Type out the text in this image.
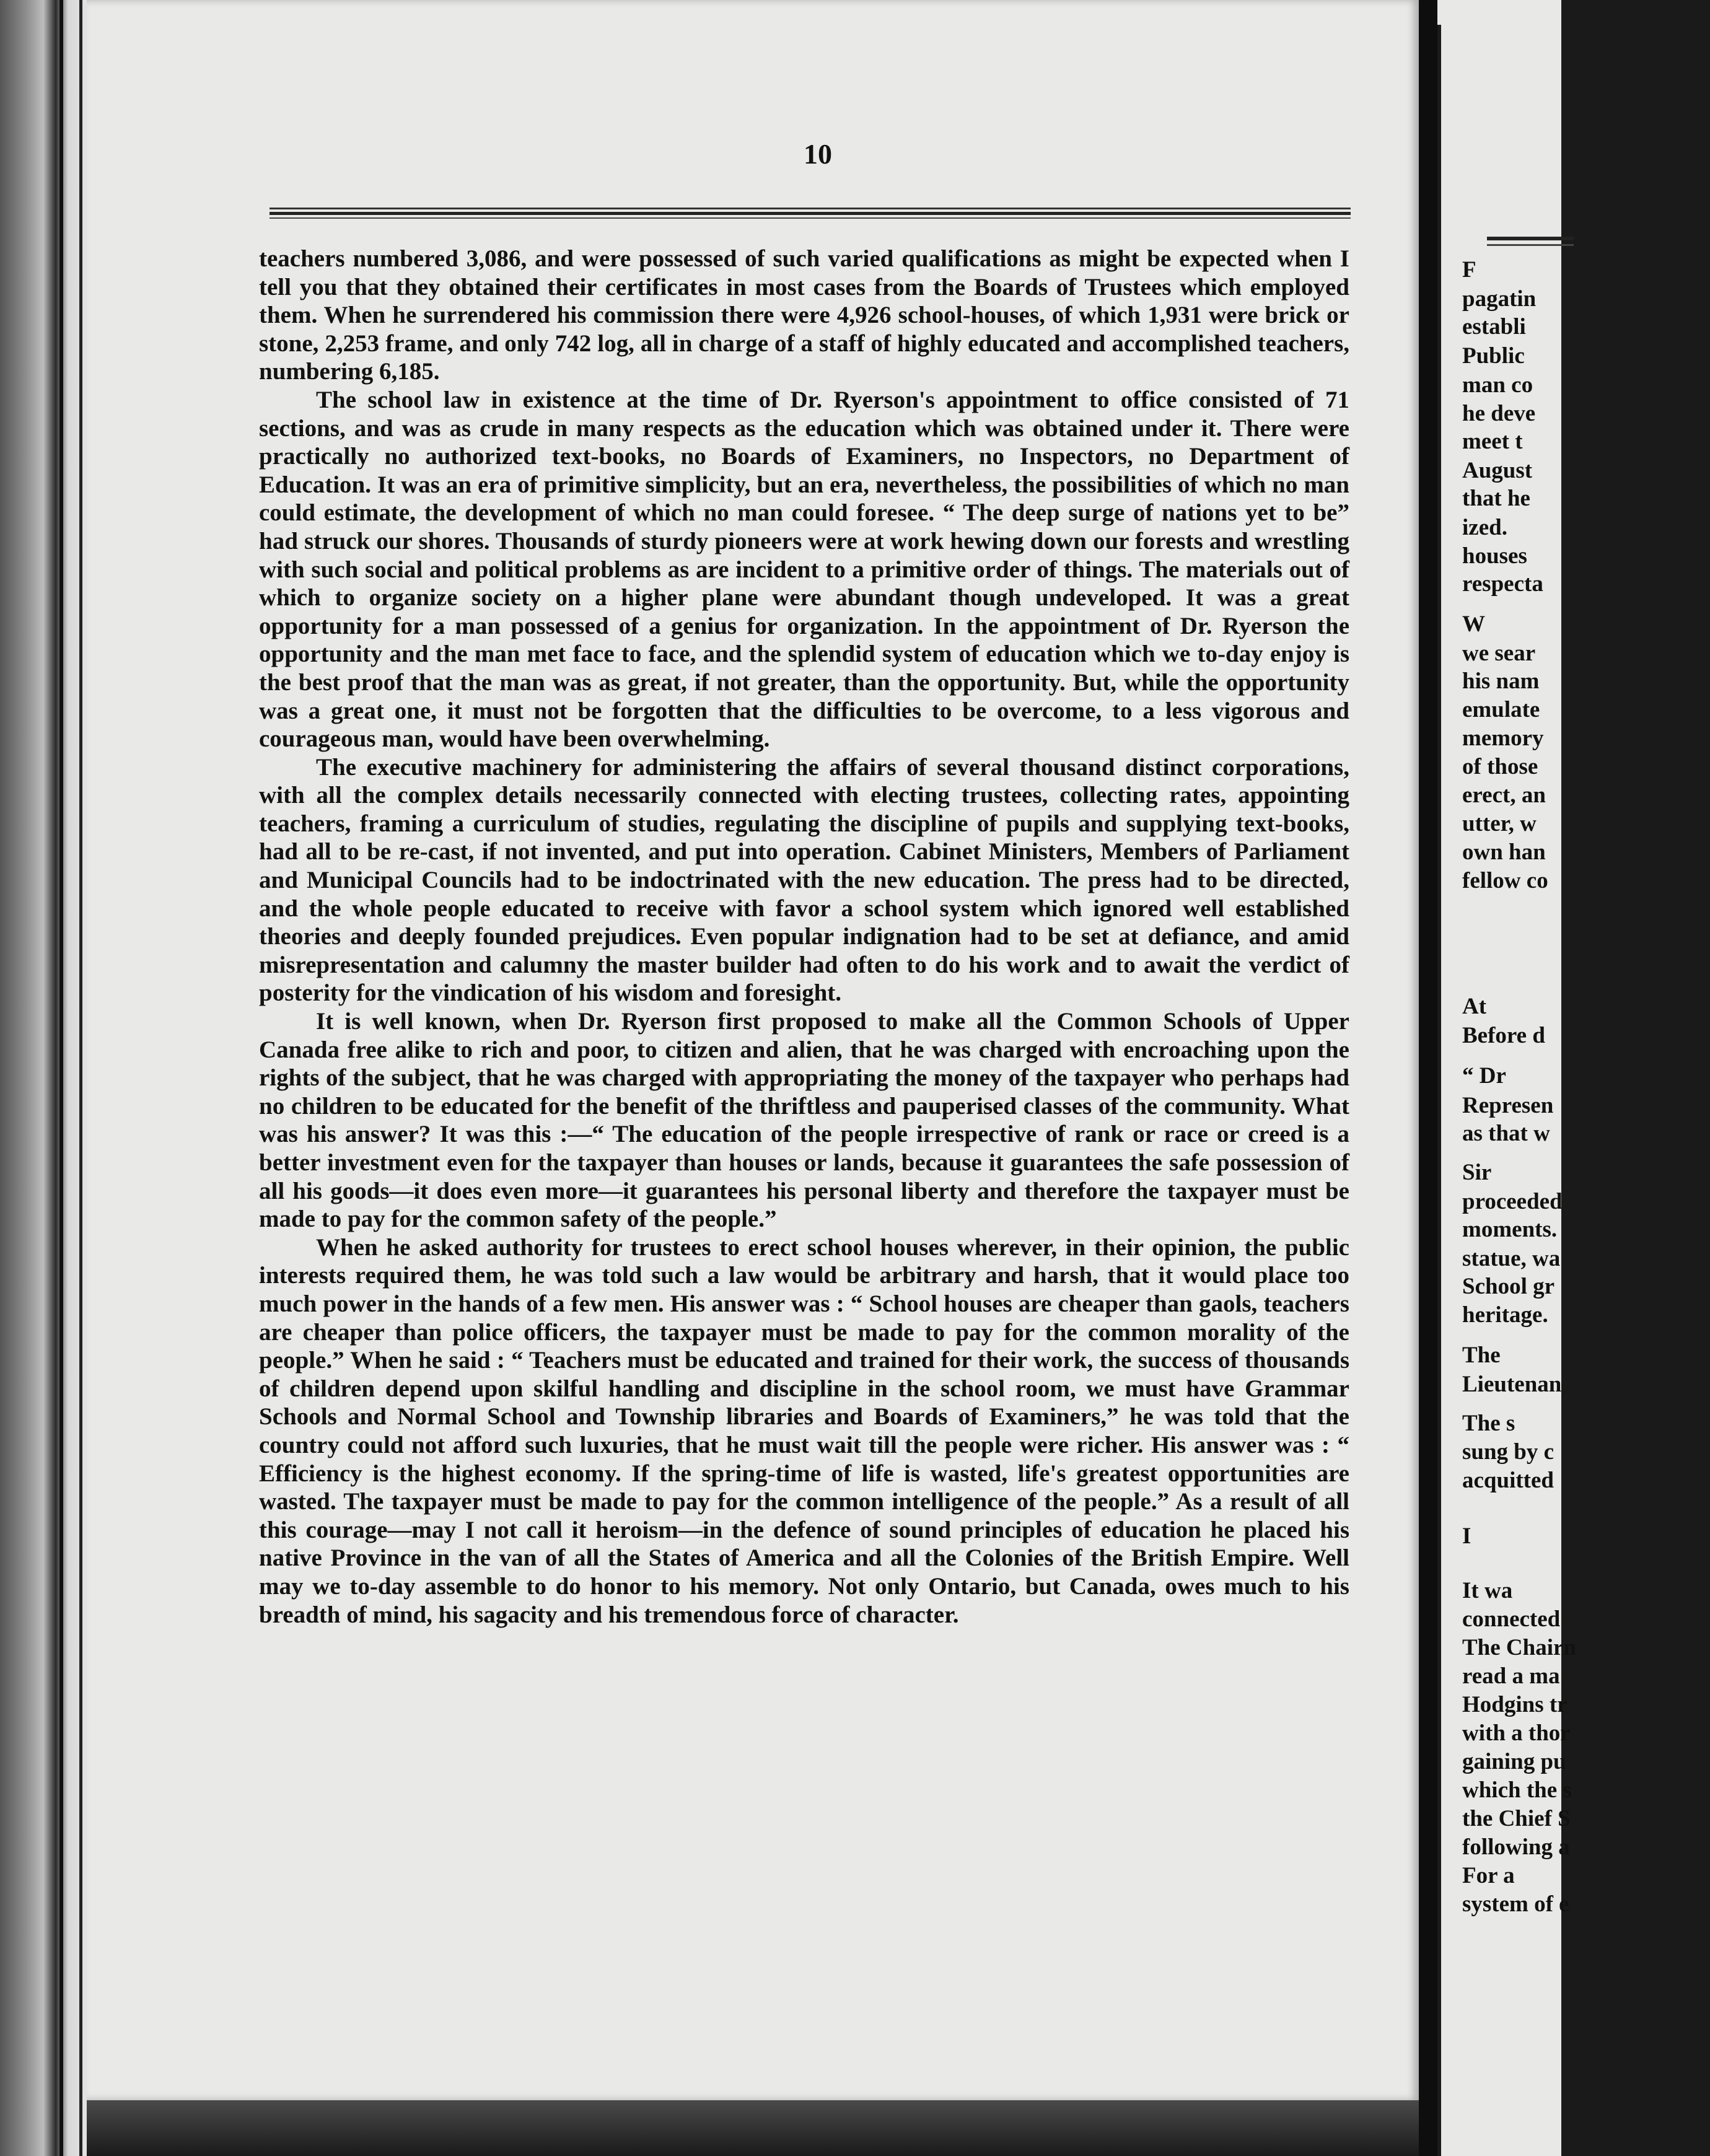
10

teachers numbered 3,086, and were possessed of such varied qualifications as might be expected when I tell you that they obtained their certificates in most cases from the Boards of Trustees which employed them. When he surrendered his commission there were 4,926 school-houses, of which 1,931 were brick or stone, 2,253 frame, and only 742 log, all in charge of a staff of highly educated and accomplished teachers, numbering 6,185.

The school law in existence at the time of Dr. Ryerson's appointment to office consisted of 71 sections, and was as crude in many respects as the education which was obtained under it. There were practically no authorized text-books, no Boards of Examiners, no Inspectors, no Department of Education. It was an era of primitive simplicity, but an era, nevertheless, the possibilities of which no man could estimate, the development of which no man could foresee. “ The deep surge of nations yet to be” had struck our shores. Thousands of sturdy pioneers were at work hewing down our forests and wrestling with such social and political problems as are incident to a primitive order of things. The materials out of which to organize society on a higher plane were abundant though undeveloped. It was a great opportunity for a man possessed of a genius for organization. In the appointment of Dr. Ryerson the opportunity and the man met face to face, and the splendid system of education which we to-day enjoy is the best proof that the man was as great, if not greater, than the opportunity. But, while the opportunity was a great one, it must not be forgotten that the difficulties to be overcome, to a less vigorous and courageous man, would have been overwhelming.

The executive machinery for administering the affairs of several thousand distinct corporations, with all the complex details necessarily connected with electing trustees, collecting rates, appointing teachers, framing a curriculum of studies, regulating the discipline of pupils and supplying text-books, had all to be re-cast, if not invented, and put into operation. Cabinet Ministers, Members of Parliament and Municipal Councils had to be indoctrinated with the new education. The press had to be directed, and the whole people educated to receive with favor a school system which ignored well established theories and deeply founded prejudices. Even popular indignation had to be set at defiance, and amid misrepresentation and calumny the master builder had often to do his work and to await the verdict of posterity for the vindication of his wisdom and foresight.

It is well known, when Dr. Ryerson first proposed to make all the Common Schools of Upper Canada free alike to rich and poor, to citizen and alien, that he was charged with encroaching upon the rights of the subject, that he was charged with appropriating the money of the taxpayer who perhaps had no children to be educated for the benefit of the thriftless and pauperised classes of the community. What was his answer? It was this :—“ The education of the people irrespective of rank or race or creed is a better investment even for the taxpayer than houses or lands, because it guarantees the safe possession of all his goods—it does even more—it guarantees his personal liberty and therefore the taxpayer must be made to pay for the common safety of the people.”

When he asked authority for trustees to erect school houses wherever, in their opinion, the public interests required them, he was told such a law would be arbitrary and harsh, that it would place too much power in the hands of a few men. His answer was : “ School houses are cheaper than gaols, teachers are cheaper than police officers, the taxpayer must be made to pay for the common morality of the people.” When he said : “ Teachers must be educated and trained for their work, the success of thousands of children depend upon skilful handling and discipline in the school room, we must have Grammar Schools and Normal School and Township libraries and Boards of Examiners,” he was told that the country could not afford such luxuries, that he must wait till the people were richer. His answer was : “ Efficiency is the highest economy. If the spring-time of life is wasted, life's greatest opportunities are wasted. The taxpayer must be made to pay for the common intelligence of the people.” As a result of all this courage—may I not call it heroism—in the defence of sound principles of education he placed his native Province in the van of all the States of America and all the Colonies of the British Empire. Well may we to-day assemble to do honor to his memory. Not only Ontario, but Canada, owes much to his breadth of mind, his sagacity and his tremendous force of character.

F
pagatin
establi
Public
man co
he deve
meet t
August
that he
ized.
houses
respecta
W
we sear
his nam
emulate
memory
of those
erect, an
utter, w
own han
fellow co
At
Before d
“ Dr
Represen
as that w
Sir
proceeded
moments.
statue, wa
School gr
heritage.
The
Lieutenan
The s
sung by c
acquitted
I
It wa
connected
The Chairn
read a ma
Hodgins tr
with a thor
gaining pu
which the s
the Chief S
following a
For a
system of e
